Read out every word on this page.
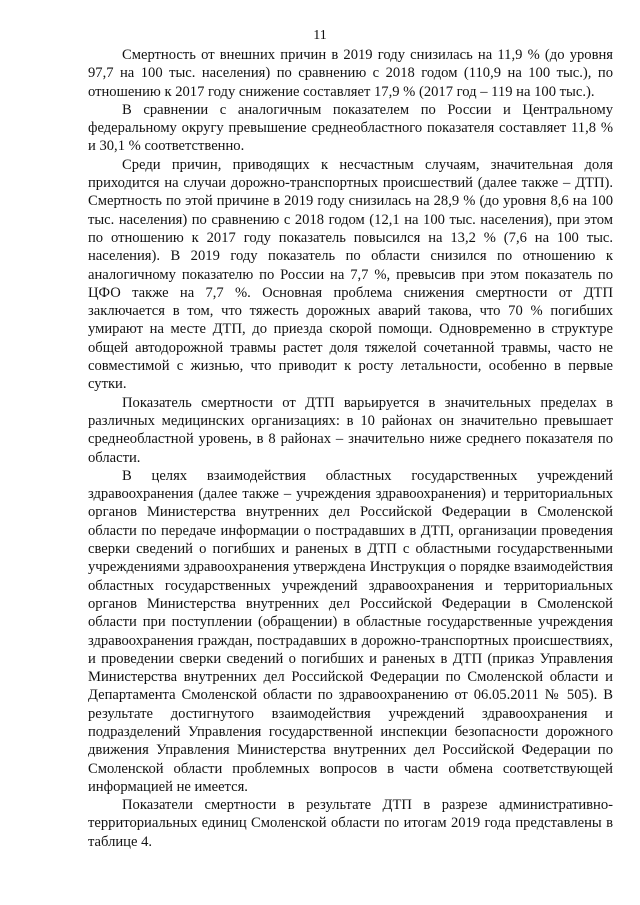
11

Смертность от внешних причин в 2019 году снизилась на 11,9 % (до уровня 97,7 на 100 тыс. населения) по сравнению с 2018 годом (110,9 на 100 тыс.), по отношению к 2017 году снижение составляет 17,9 % (2017 год – 119 на 100 тыс.).

В сравнении с аналогичным показателем по России и Центральному федеральному округу превышение среднеобластного показателя составляет 11,8 % и 30,1 % соответственно.

Среди причин, приводящих к несчастным случаям, значительная доля приходится на случаи дорожно-транспортных происшествий (далее также – ДТП). Смертность по этой причине в 2019 году снизилась на 28,9 % (до уровня 8,6 на 100 тыс. населения) по сравнению с 2018 годом (12,1 на 100 тыс. населения), при этом по отношению к 2017 году показатель повысился на 13,2 % (7,6 на 100 тыс. населения). В 2019 году показатель по области снизился по отношению к аналогичному показателю по России на 7,7 %, превысив при этом показатель по ЦФО также на 7,7 %. Основная проблема снижения смертности от ДТП заключается в том, что тяжесть дорожных аварий такова, что 70 % погибших умирают на месте ДТП, до приезда скорой помощи. Одновременно в структуре общей автодорожной травмы растет доля тяжелой сочетанной травмы, часто не совместимой с жизнью, что приводит к росту летальности, особенно в первые сутки.

Показатель смертности от ДТП варьируется в значительных пределах в различных медицинских организациях: в 10 районах он значительно превышает среднеобластной уровень, в 8 районах – значительно ниже среднего показателя по области.

В целях взаимодействия областных государственных учреждений здравоохранения (далее также – учреждения здравоохранения) и территориальных органов Министерства внутренних дел Российской Федерации в Смоленской области по передаче информации о пострадавших в ДТП, организации проведения сверки сведений о погибших и раненых в ДТП с областными государственными учреждениями здравоохранения утверждена Инструкция о порядке взаимодействия областных государственных учреждений здравоохранения и территориальных органов Министерства внутренних дел Российской Федерации в Смоленской области при поступлении (обращении) в областные государственные учреждения здравоохранения граждан, пострадавших в дорожно-транспортных происшествиях, и проведении сверки сведений о погибших и раненых в ДТП (приказ Управления Министерства внутренних дел Российской Федерации по Смоленской области и Департамента Смоленской области по здравоохранению от 06.05.2011 № 505). В результате достигнутого взаимодействия учреждений здравоохранения и подразделений Управления государственной инспекции безопасности дорожного движения Управления Министерства внутренних дел Российской Федерации по Смоленской области проблемных вопросов в части обмена соответствующей информацией не имеется.

Показатели смертности в результате ДТП в разрезе административно-территориальных единиц Смоленской области по итогам 2019 года представлены в таблице 4.
